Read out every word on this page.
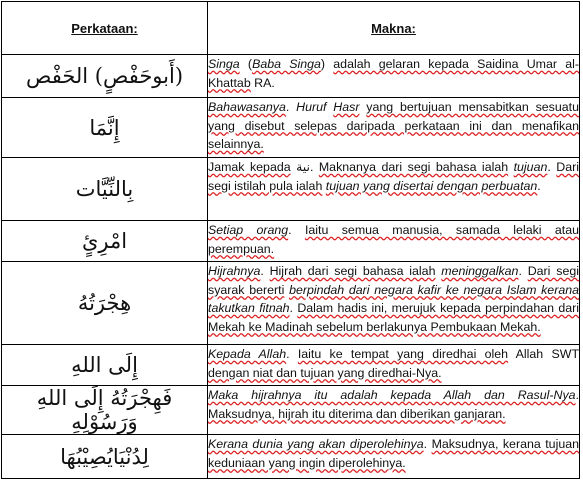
Perkataan:	Makna:
(أَبوحَفْصٍ) الحَفْص	Singa (Baba Singa) adalah gelaran kepada Saidina Umar al-Khattab RA.
إِنَّمَا	Bahawasanya. Huruf Hasr yang bertujuan mensabitkan sesuatu yang disebut selepas daripada perkataan ini dan menafikan selainnya.
بِالنِّيَّات	Jamak kepada نية. Maknanya dari segi bahasa ialah tujuan. Dari segi istilah pula ialah tujuan yang disertai dengan perbuatan.
امْرِئٍ	Setiap orang. Iaitu semua manusia, samada lelaki atau perempuan.
هِجْرَتُهُ	Hijrahnya. Hijrah dari segi bahasa ialah meninggalkan. Dari segi syarak bererti berpindah dari negara kafir ke negara Islam kerana takutkan fitnah. Dalam hadis ini, merujuk kepada perpindahan dari Mekah ke Madinah sebelum berlakunya Pembukaan Mekah.
إِلَى اللهِ	Kepada Allah. Iaitu ke tempat yang diredhai oleh Allah SWT dengan niat dan tujuan yang diredhai-Nya.
فَهِجْرَتُهُ إِلَى اللهِ وَرَسُوْلِهِ	Maka hijrahnya itu adalah kepada Allah dan Rasul-Nya. Maksudnya, hijrah itu diterima dan diberikan ganjaran.
لِدُنْيَايُصِيْبُهَا	Kerana dunia yang akan diperolehinya. Maksudnya, kerana tujuan keduniaan yang ingin diperolehinya.
